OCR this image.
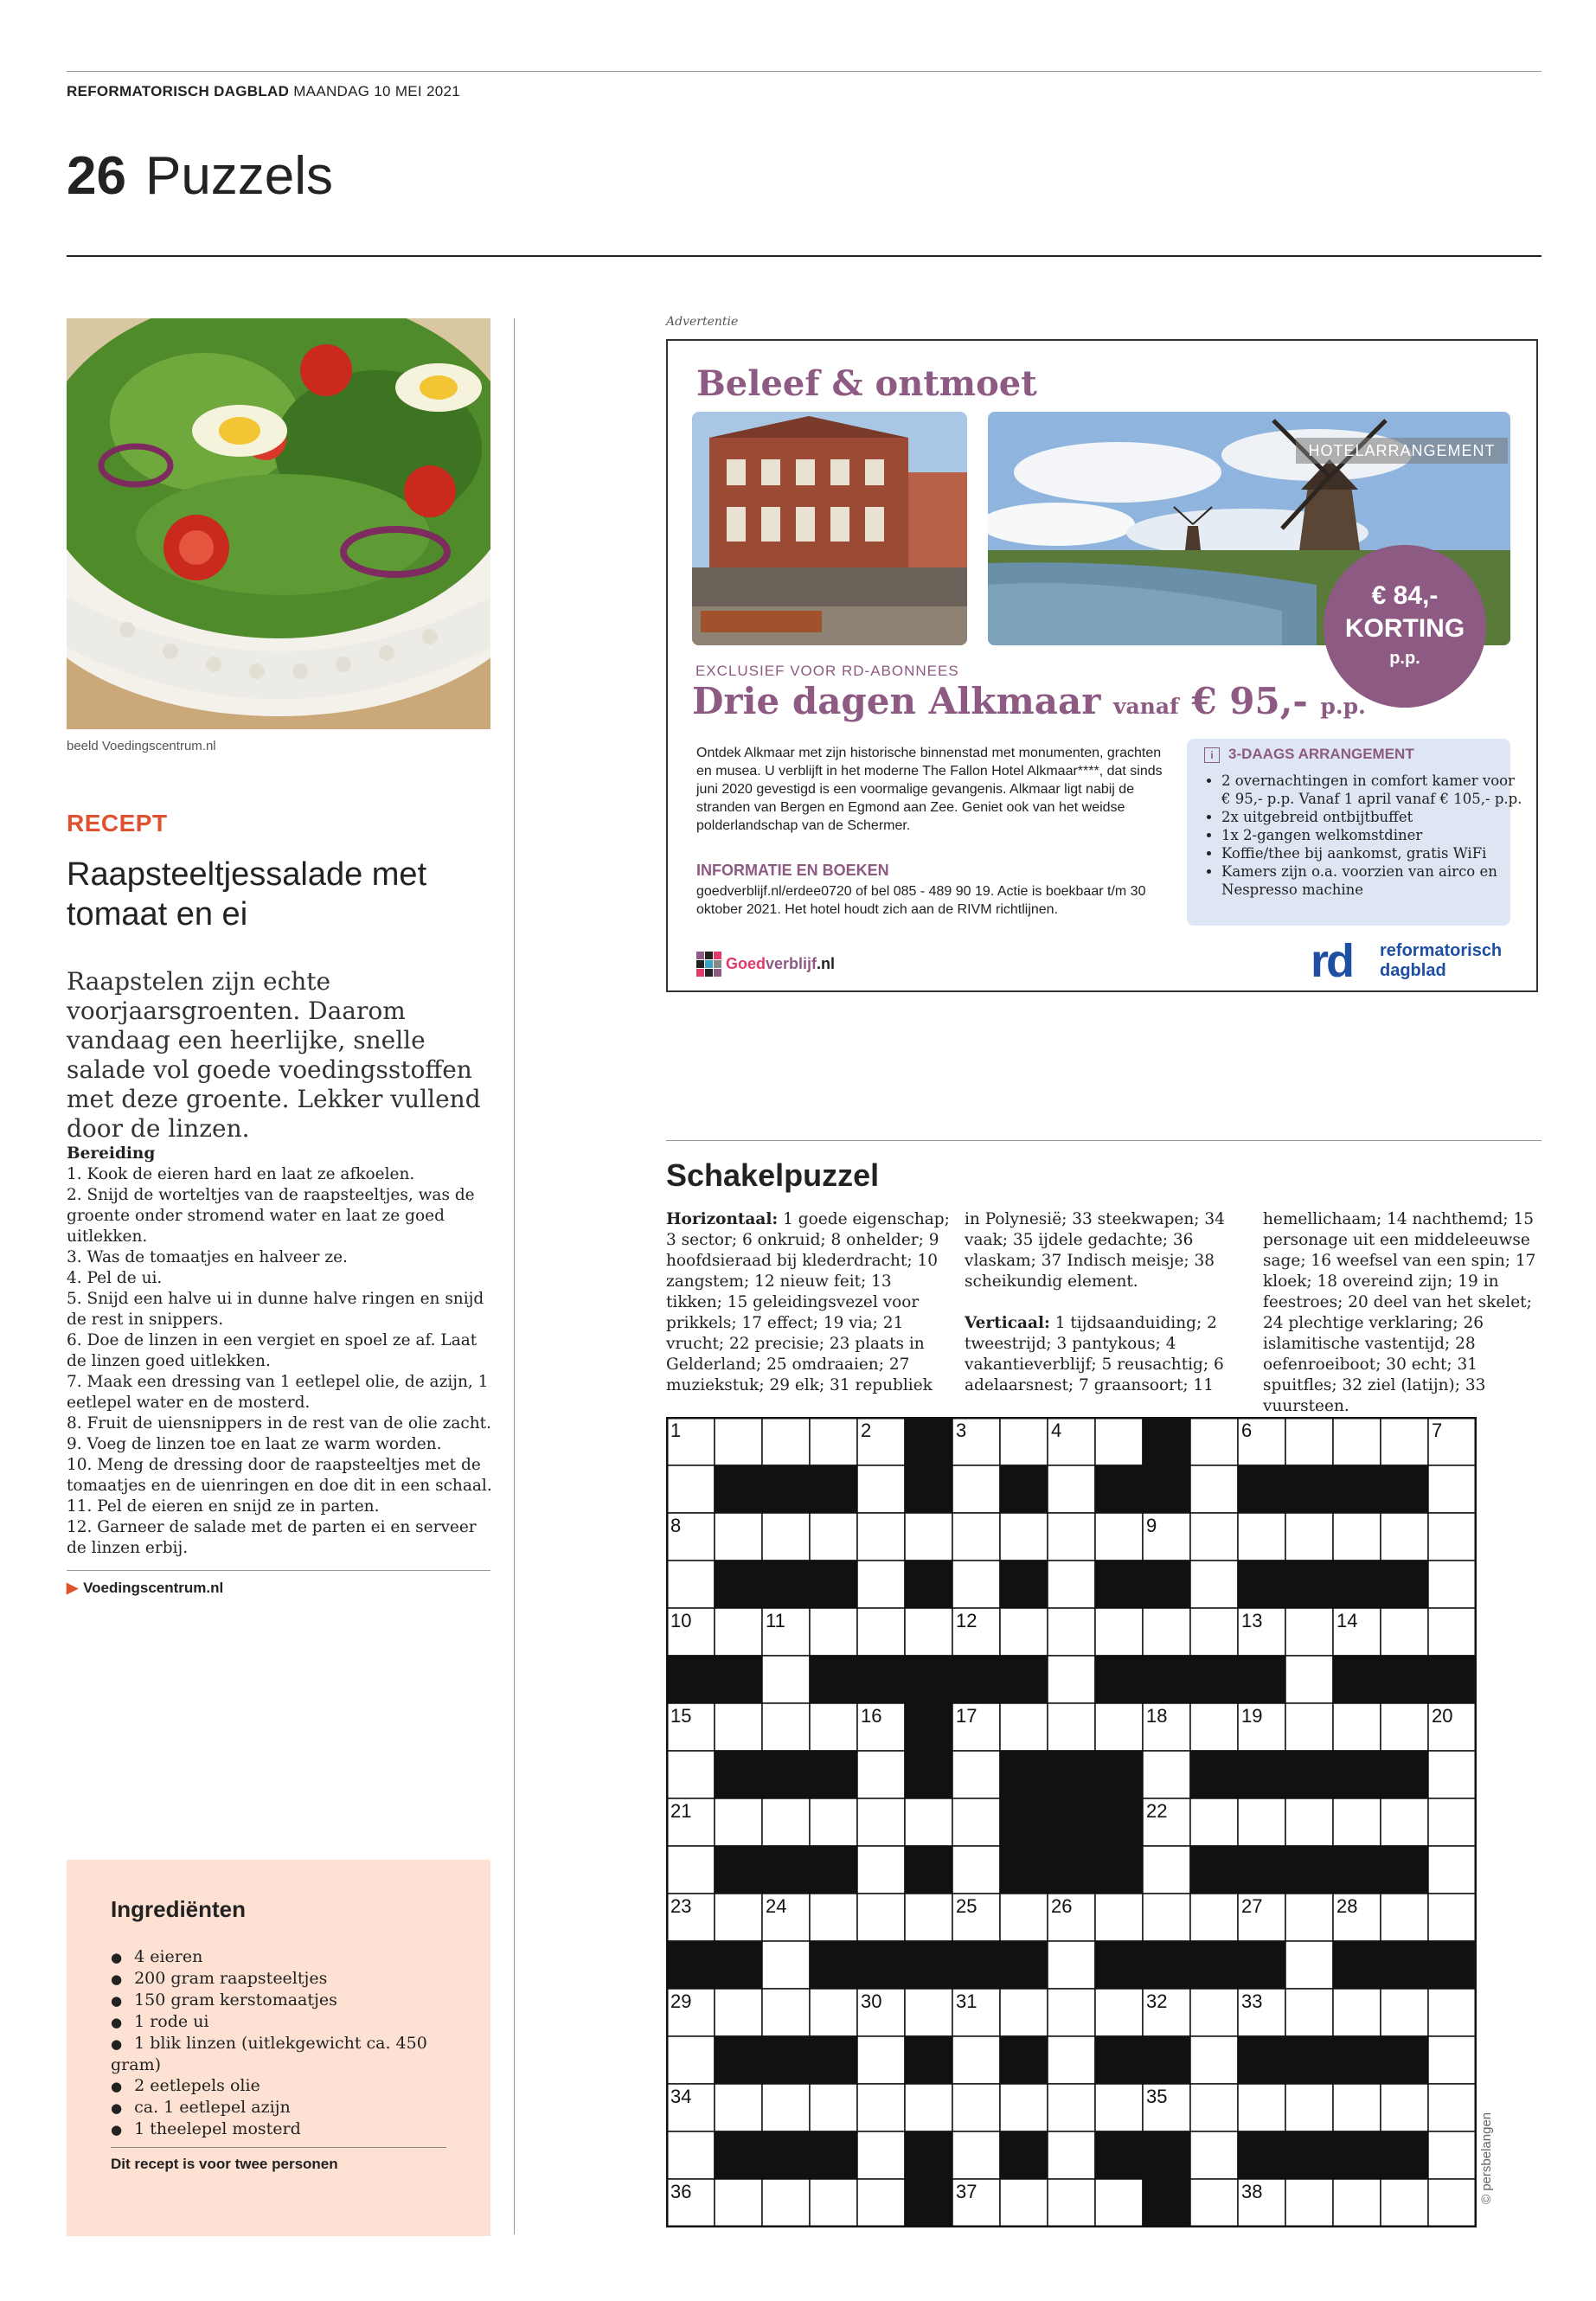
REFORMATORISCH DAGBLAD MAANDAG 10 MEI 2021
26 Puzzels
beeld Voedingscentrum.nl
RECEPT
Raapsteeltjessalade met tomaat en ei
Raapstelen zijn echte voorjaarsgroenten. Daarom vandaag een heerlijke, snelle salade vol goede voedingsstoffen met deze groente. Lekker vullend door de linzen.
Bereiding
1. Kook de eieren hard en laat ze afkoelen.
2. Snijd de worteltjes van de raapsteeltjes, was de groente onder stromend water en laat ze goed uitlekken.
3. Was de tomaatjes en halveer ze.
4. Pel de ui.
5. Snijd een halve ui in dunne halve ringen en snijd de rest in snippers.
6. Doe de linzen in een vergiet en spoel ze af. Laat de linzen goed uitlekken.
7. Maak een dressing van 1 eetlepel olie, de azijn, 1 eetlepel water en de mosterd.
8. Fruit de uiensnippers in de rest van de olie zacht.
9. Voeg de linzen toe en laat ze warm worden.
10. Meng de dressing door de raapsteeltjes met de tomaatjes en de uienringen en doe dit in een schaal.
11. Pel de eieren en snijd ze in parten.
12. Garneer de salade met de parten ei en serveer de linzen erbij.
▶ Voedingscentrum.nl
Ingrediënten
● 4 eieren
● 200 gram raapsteeltjes
● 150 gram kerstomaatjes
● 1 rode ui
● 1 blik linzen (uitlekgewicht ca. 450 gram)
● 2 eetlepels olie
● ca. 1 eetlepel azijn
● 1 theelepel mosterd
Dit recept is voor twee personen
Advertentie
Beleef & ontmoet
HOTELARRANGEMENT
€ 84,-
KORTING
p.p.
EXCLUSIEF VOOR RD-ABONNEES
Drie dagen Alkmaar vanaf € 95,- p.p.
Ontdek Alkmaar met zijn historische binnenstad met monumenten, grachten en musea. U verblijft in het moderne The Fallon Hotel Alkmaar****, dat sinds juni 2020 gevestigd is een voormalige gevangenis. Alkmaar ligt nabij de stranden van Bergen en Egmond aan Zee. Geniet ook van het weidse polderlandschap van de Schermer.
INFORMATIE EN BOEKEN
goedverblijf.nl/erdee0720 of bel 085 - 489 90 19. Actie is boekbaar t/m 30 oktober 2021. Het hotel houdt zich aan de RIVM richtlijnen.
i 3-DAAGS ARRANGEMENT
• 2 overnachtingen in comfort kamer voor € 95,- p.p. Vanaf 1 april vanaf € 105,- p.p.
• 2x uitgebreid ontbijtbuffet
• 1x 2-gangen welkomstdiner
• Koffie/thee bij aankomst, gratis WiFi
• Kamers zijn o.a. voorzien van airco en Nespresso machine
Goedverblijf.nl	rd reformatorisch
dagblad
Schakelpuzzel

Horizontaal: 1 goede eigenschap; 3 sector; 6 onkruid; 8 onhelder; 9 hoofdsieraad bij klederdracht; 10 zangstem; 12 nieuw feit; 13 tikken; 15 geleidingsvezel voor prikkels; 17 effect; 19 via; 21 vrucht; 22 precisie; 23 plaats in Gelderland; 25 omdraaien; 27 muziekstuk; 29 elk; 31 republiek

in Polynesië; 33 steekwapen; 34 vaak; 35 ijdele gedachte; 36 vlaskam; 37 Indisch meisje; 38 scheikundig element.

Verticaal: 1 tijdsaanduiding; 2 tweestrijd; 3 pantykous; 4 vakantieverblijf; 5 reusachtig; 6 adelaarsnest; 7 graansoort; 11

hemellichaam; 14 nachthemd; 15 personage uit een middeleeuwse sage; 16 weefsel van een spin; 17 kloek; 18 overeind zijn; 19 in feestroes; 20 deel van het skelet; 24 plechtige verklaring; 26 islamitische vastentijd; 28 oefenroeiboot; 30 echt; 31 spuitfles; 32 ziel (latijn); 33 vuursteen.

1	2	3	4	5	6	7
8	9
10	11	12	13	14
15	16	17	18	19	20
21	22
23	24	25	26	27	28
29	30	31	32	33
34	35
36	37	38	© persbelangen
